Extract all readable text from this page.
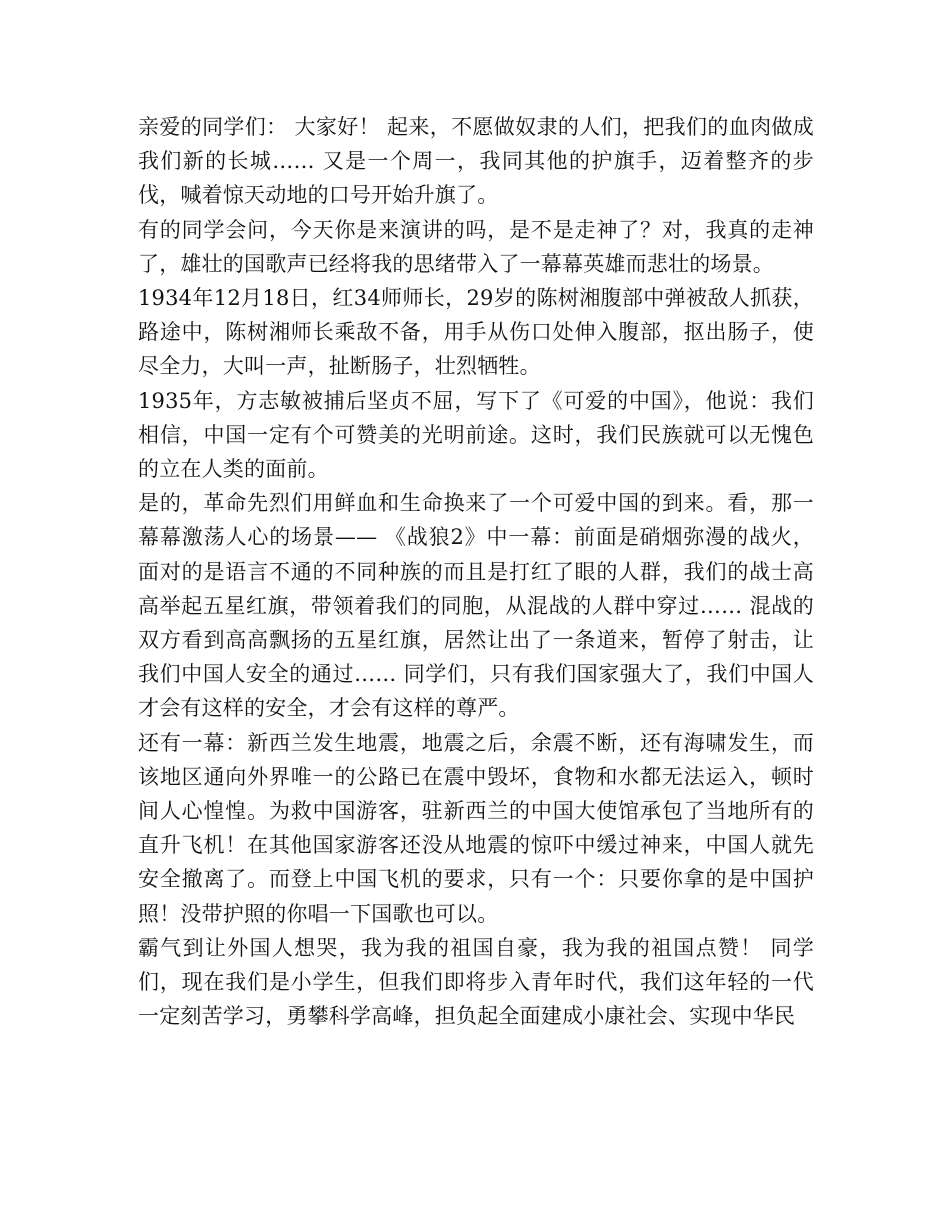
亲爱的同学们： 大家好！ 起来，不愿做奴隶的人们，把我们的血肉做成我们新的长城…… 又是一个周一，我同其他的护旗手，迈着整齐的步伐，喊着惊天动地的口号开始升旗了。

有的同学会问，今天你是来演讲的吗，是不是走神了？对，我真的走神了，雄壮的国歌声已经将我的思绪带入了一幕幕英雄而悲壮的场景。

1934年12月18日，红34师师长，29岁的陈树湘腹部中弹被敌人抓获，路途中，陈树湘师长乘敌不备，用手从伤口处伸入腹部，抠出肠子，使尽全力，大叫一声，扯断肠子，壮烈牺牲。

1935年，方志敏被捕后坚贞不屈，写下了《可爱的中国》，他说：我们相信，中国一定有个可赞美的光明前途。这时，我们民族就可以无愧色的立在人类的面前。

是的，革命先烈们用鲜血和生命换来了一个可爱中国的到来。看，那一幕幕激荡人心的场景—— 《战狼2》中一幕：前面是硝烟弥漫的战火，面对的是语言不通的不同种族的而且是打红了眼的人群，我们的战士高高举起五星红旗，带领着我们的同胞，从混战的人群中穿过…… 混战的双方看到高高飘扬的五星红旗，居然让出了一条道来，暂停了射击，让我们中国人安全的通过…… 同学们，只有我们国家强大了，我们中国人才会有这样的安全，才会有这样的尊严。

还有一幕：新西兰发生地震，地震之后，余震不断，还有海啸发生，而该地区通向外界唯一的公路已在震中毁坏，食物和水都无法运入，顿时间人心惶惶。为救中国游客，驻新西兰的中国大使馆承包了当地所有的直升飞机！在其他国家游客还没从地震的惊吓中缓过神来，中国人就先安全撤离了。而登上中国飞机的要求，只有一个：只要你拿的是中国护照！没带护照的你唱一下国歌也可以。

霸气到让外国人想哭，我为我的祖国自豪，我为我的祖国点赞！ 同学们，现在我们是小学生，但我们即将步入青年时代，我们这年轻的一代一定刻苦学习，勇攀科学高峰，担负起全面建成小康社会、实现中华民
